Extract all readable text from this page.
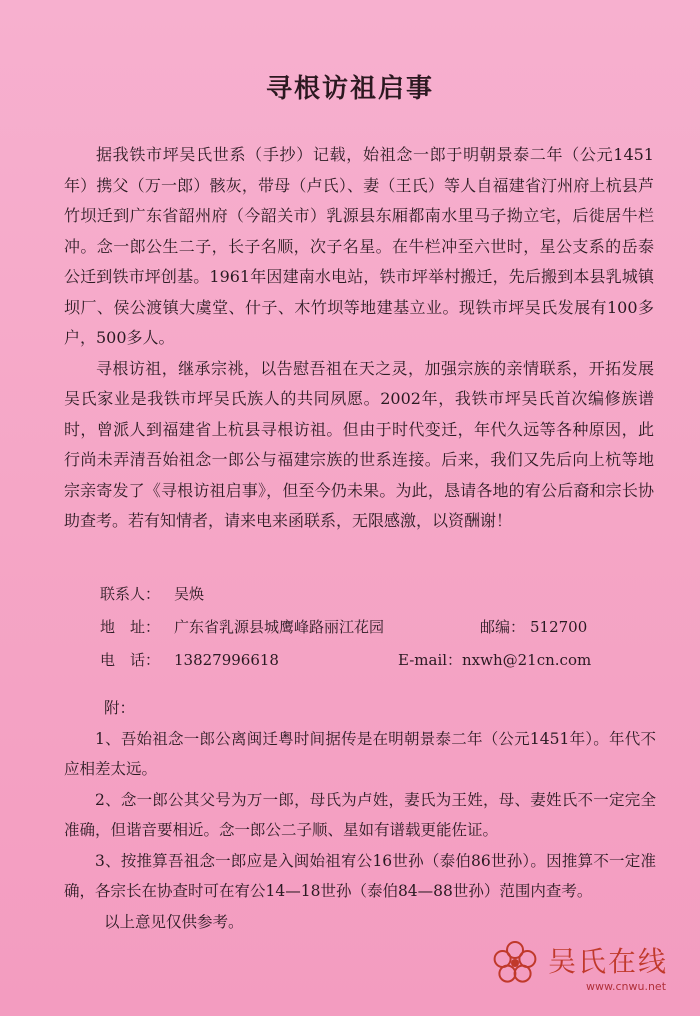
寻根访祖启事

据我铁市坪吴氏世系（手抄）记载，始祖念一郎于明朝景泰二年（公元1451年）携父（万一郎）骸灰，带母（卢氏）、妻（王氏）等人自福建省汀州府上杭县芦竹坝迁到广东省韶州府（今韶关市）乳源县东厢都南水里马子拗立宅，后徙居牛栏冲。念一郎公生二子，长子名顺，次子名星。在牛栏冲至六世时，星公支系的岳泰公迁到铁市坪创基。1961年因建南水电站，铁市坪举村搬迁，先后搬到本县乳城镇坝厂、侯公渡镇大虞堂、什子、木竹坝等地建基立业。现铁市坪吴氏发展有100多户，500多人。

寻根访祖，继承宗祧，以告慰吾祖在天之灵，加强宗族的亲情联系，开拓发展吴氏家业是我铁市坪吴氏族人的共同夙愿。2002年，我铁市坪吴氏首次编修族谱时，曾派人到福建省上杭县寻根访祖。但由于时代变迁，年代久远等各种原因，此行尚未弄清吾始祖念一郎公与福建宗族的世系连接。后来，我们又先后向上杭等地宗亲寄发了《寻根访祖启事》，但至今仍未果。为此，恳请各地的宥公后裔和宗长协助查考。若有知情者，请来电来函联系，无限感激，以资酬谢！

联系人： 吴焕
地　址： 广东省乳源县城鹰峰路丽江花园	邮编： 512700
电　话： 13827996618	E-mail： nxwh@21cn.com

附：

1、吾始祖念一郎公离闽迁粤时间据传是在明朝景泰二年（公元1451年）。年代不应相差太远。

2、念一郎公其父号为万一郎，母氏为卢姓，妻氏为王姓，母、妻姓氏不一定完全准确，但谐音要相近。念一郎公二子顺、星如有谱载更能佐证。

3、按推算吾祖念一郎应是入闽始祖宥公16世孙（泰伯86世孙）。因推算不一定准确，各宗长在协查时可在宥公14—18世孙（泰伯84—88世孙）范围内查考。

以上意见仅供参考。

吴氏在线
www.cnwu.net
